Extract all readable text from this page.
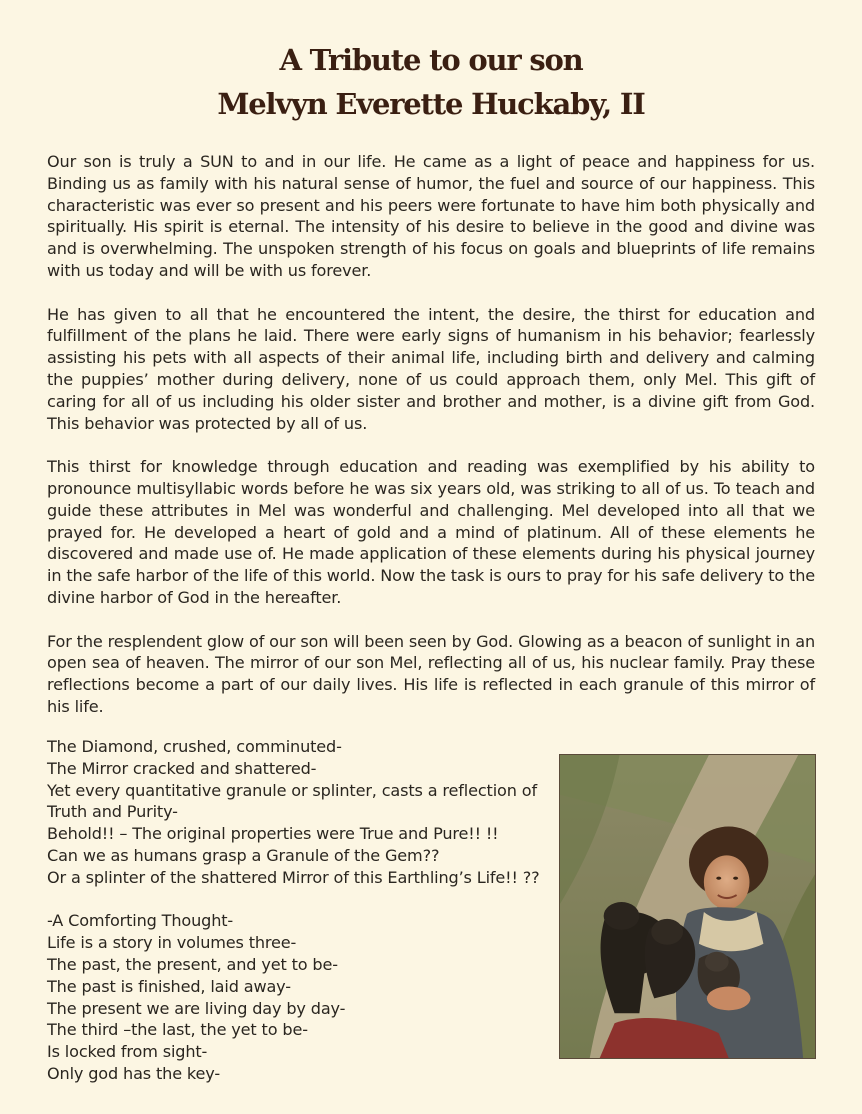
A Tribute to our son
Melvyn Everette Huckaby, II

Our son is truly a SUN to and in our life. He came as a light of peace and happiness for us. Binding us as family with his natural sense of humor, the fuel and source of our happiness. This characteristic was ever so present and his peers were fortunate to have him both physically and spiritually. His spirit is eternal. The intensity of his desire to believe in the good and divine was and is overwhelming. The unspoken strength of his focus on goals and blueprints of life remains with us today and will be with us forever.

He has given to all that he encountered the intent, the desire, the thirst for education and fulfillment of the plans he laid. There were early signs of humanism in his behavior; fearlessly assisting his pets with all aspects of their animal life, including birth and delivery and calming the puppies’ mother during delivery, none of us could approach them, only Mel. This gift of caring for all of us including his older sister and brother and mother, is a divine gift from God. This behavior was protected by all of us.

This thirst for knowledge through education and reading was exemplified by his ability to pronounce multisyllabic words before he was six years old, was striking to all of us. To teach and guide these attributes in Mel was wonderful and challenging. Mel developed into all that we prayed for. He developed a heart of gold and a mind of platinum. All of these elements he discovered and made use of. He made application of these elements during his physical journey in the safe harbor of the life of this world. Now the task is ours to pray for his safe delivery to the divine harbor of God in the hereafter.

For the resplendent glow of our son will been seen by God. Glowing as a beacon of sunlight in an open sea of heaven. The mirror of our son Mel, reflecting all of us, his nuclear family. Pray these reflections become a part of our daily lives. His life is reflected in each granule of this mirror of his life.

The Diamond, crushed, comminuted-
The Mirror cracked and shattered-
Yet every quantitative granule or splinter, casts a reflection of
Truth and Purity-
Behold!! – The original properties were True and Pure!! !!
Can we as humans grasp a Granule of the Gem??
Or a splinter of the shattered Mirror of this Earthling’s Life!! ??
-A Comforting Thought-
Life is a story in volumes three-
The past, the present, and yet to be-
The past is finished, laid away-
The present we are living day by day-
The third –the last, the yet to be-
Is locked from sight-
Only god has the key-
